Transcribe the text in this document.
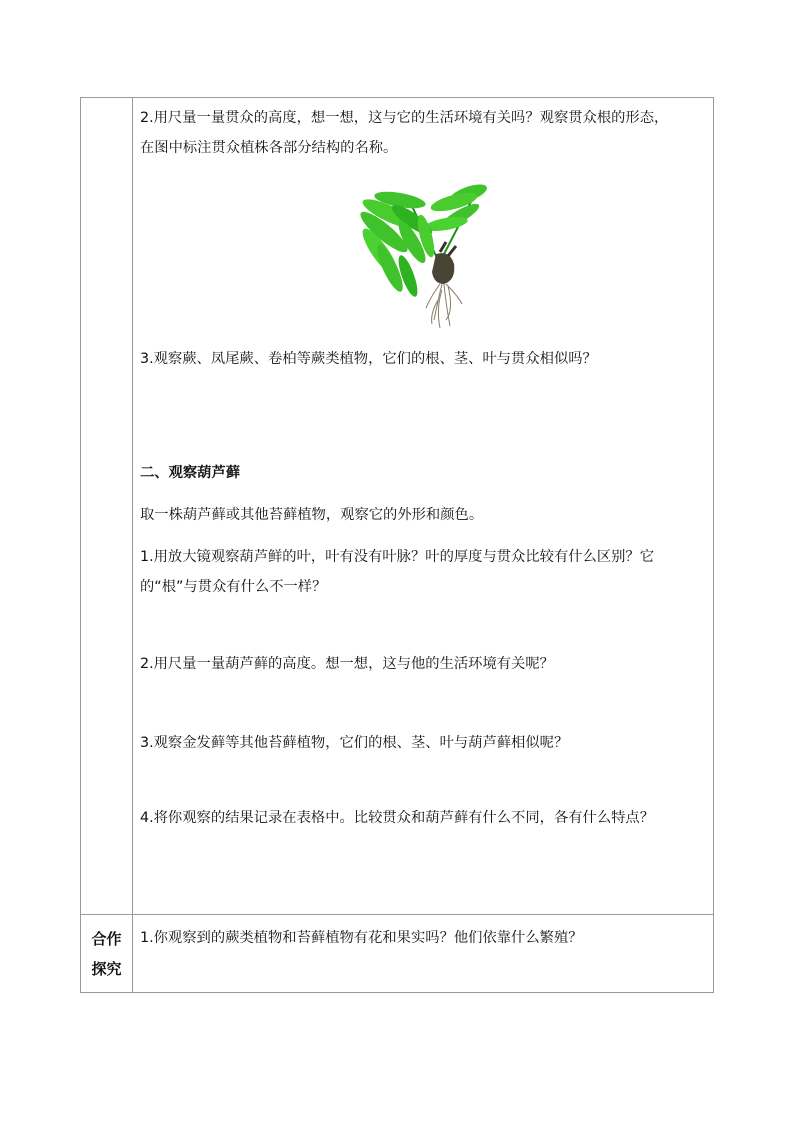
合作
探究
2.用尺量一量贯众的高度，想一想，这与它的生活环境有关吗？观察贯众根的形态，
在图中标注贯众植株各部分结构的名称。
3.观察蕨、凤尾蕨、卷柏等蕨类植物，它们的根、茎、叶与贯众相似吗？
二、观察葫芦藓
取一株葫芦藓或其他苔藓植物，观察它的外形和颜色。
1.用放大镜观察葫芦鲜的叶，叶有没有叶脉？叶的厚度与贯众比较有什么区别？它
的“根”与贯众有什么不一样？
2.用尺量一量葫芦藓的高度。想一想，这与他的生活环境有关呢？
3.观察金发藓等其他苔藓植物，它们的根、茎、叶与葫芦藓相似呢？
4.将你观察的结果记录在表格中。比较贯众和葫芦藓有什么不同，各有什么特点？
1.你观察到的蕨类植物和苔藓植物有花和果实吗？他们依靠什么繁殖？
